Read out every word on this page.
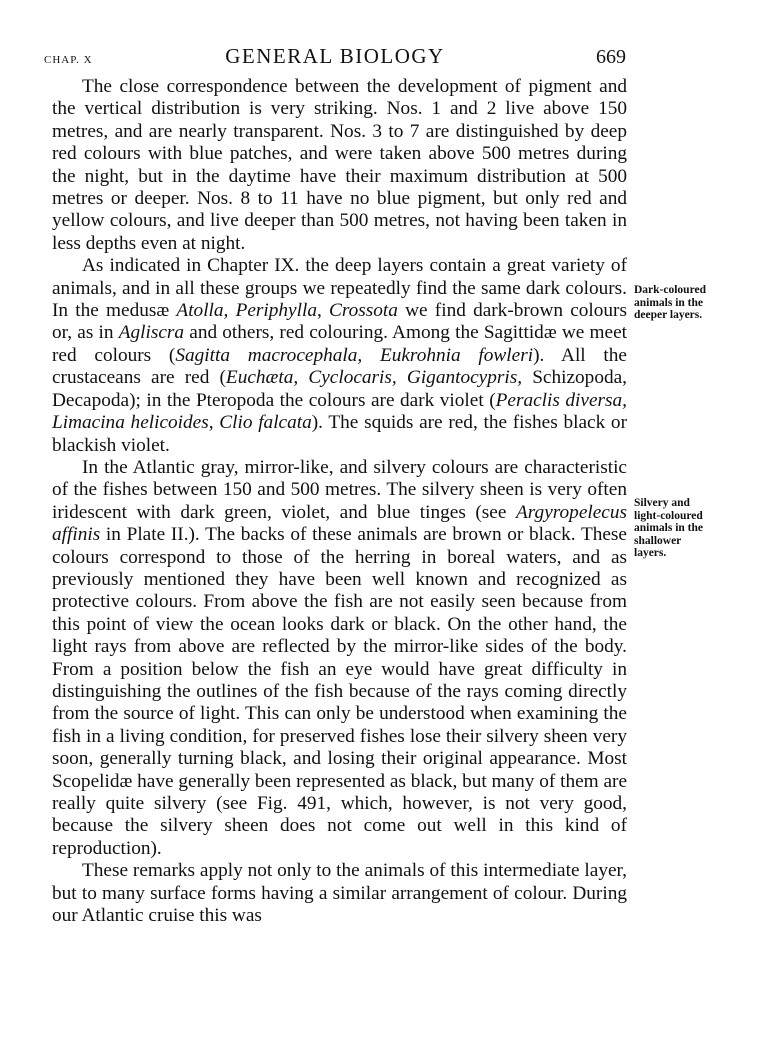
CHAP. X	GENERAL BIOLOGY	669

The close correspondence between the development of pigment and the vertical distribution is very striking. Nos. 1 and 2 live above 150 metres, and are nearly transparent. Nos. 3 to 7 are distinguished by deep red colours with blue patches, and were taken above 500 metres during the night, but in the daytime have their maximum distribution at 500 metres or deeper. Nos. 8 to 11 have no blue pigment, but only red and yellow colours, and live deeper than 500 metres, not having been taken in less depths even at night.

As indicated in Chapter IX. the deep layers contain a great variety of animals, and in all these groups we repeatedly find the same dark colours. In the medusæ Atolla, Periphylla, Crossota we find dark-brown colours or, as in Agliscra and others, red colouring. Among the Sagittidæ we meet red colours (Sagitta macrocephala, Eukrohnia fowleri). All the crustaceans are red (Euchæta, Cyclocaris, Gigantocypris, Schizopoda, Decapoda); in the Pteropoda the colours are dark violet (Peraclis diversa, Limacina helicoides, Clio falcata). The squids are red, the fishes black or blackish violet.

In the Atlantic gray, mirror-like, and silvery colours are characteristic of the fishes between 150 and 500 metres. The silvery sheen is very often iridescent with dark green, violet, and blue tinges (see Argyropelecus affinis in Plate II.). The backs of these animals are brown or black. These colours correspond to those of the herring in boreal waters, and as previously mentioned they have been well known and recognized as protective colours. From above the fish are not easily seen because from this point of view the ocean looks dark or black. On the other hand, the light rays from above are reflected by the mirror-like sides of the body. From a position below the fish an eye would have great difficulty in distinguishing the outlines of the fish because of the rays coming directly from the source of light. This can only be understood when examining the fish in a living condition, for preserved fishes lose their silvery sheen very soon, generally turning black, and losing their original appearance. Most Scopelidæ have generally been represented as black, but many of them are really quite silvery (see Fig. 491, which, however, is not very good, because the silvery sheen does not come out well in this kind of reproduction).

These remarks apply not only to the animals of this intermediate layer, but to many surface forms having a similar arrangement of colour. During our Atlantic cruise this was

Dark-coloured
animals in the
deeper layers.
Silvery and
light-coloured
animals in the
shallower
layers.
